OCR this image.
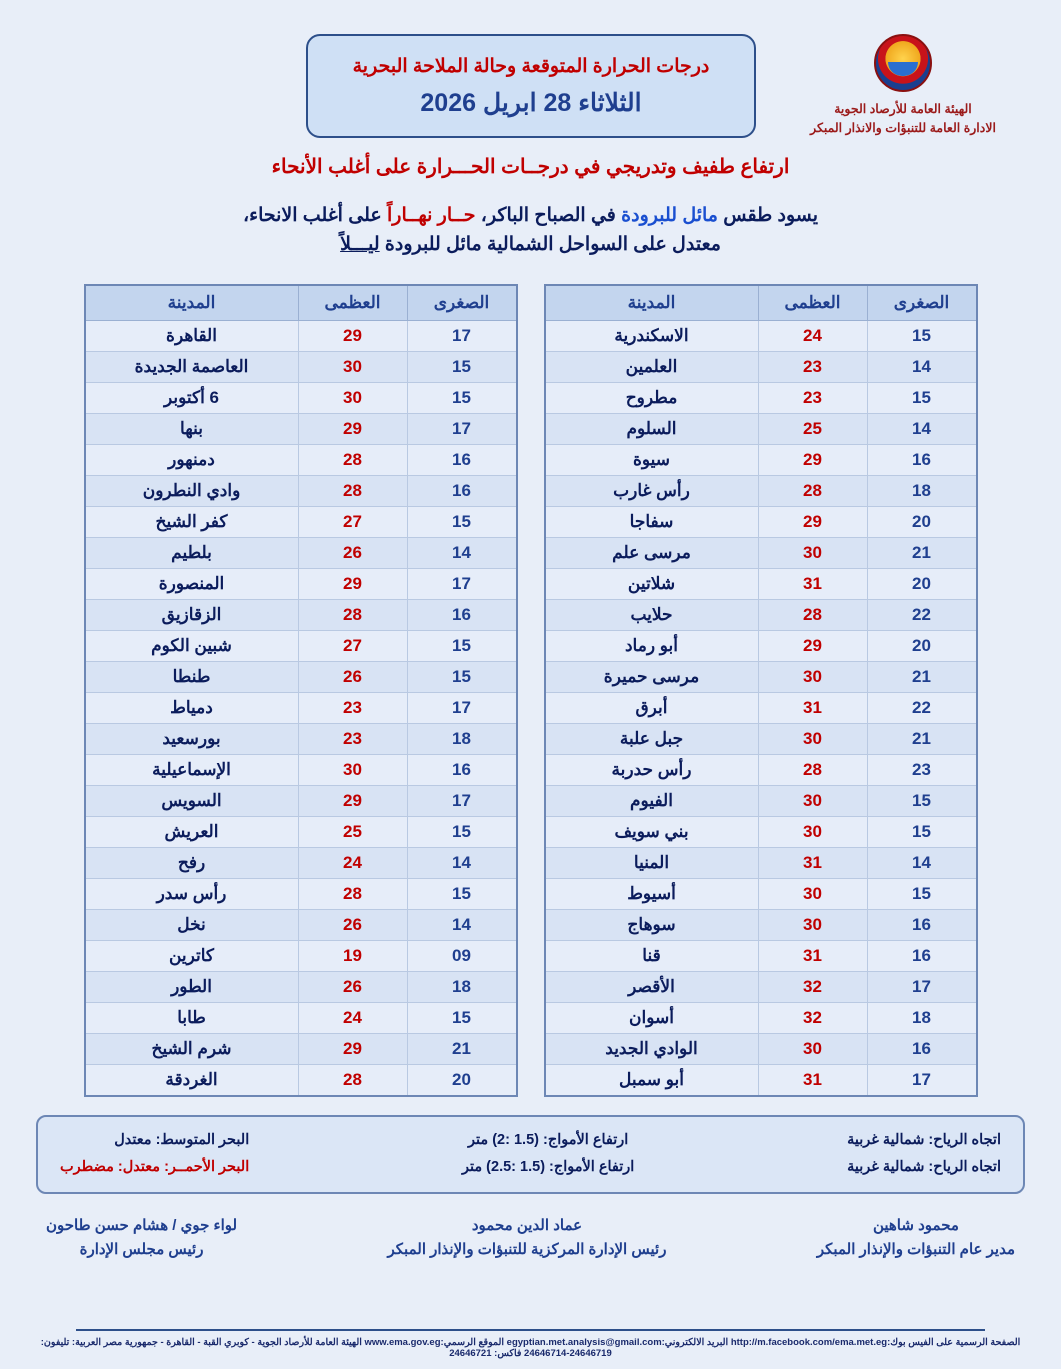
درجات الحرارة المتوقعة وحالة الملاحة البحرية
الثلاثاء 28 ابريل 2026	الهيئة العامة للأرصاد الجوية
الادارة العامة للتنبؤات والانذار المبكر
ارتفاع طفيف وتدريجي في درجــات الحـــرارة على أغلب الأنحاء
يسود طقس مائل للبرودة في الصباح الباكر، حــار نهــاراً على أغلب الانحاء،
معتدل على السواحل الشمالية مائل للبرودة ليـــلاً
الصغرى	العظمى	المدينة
15	24	الاسكندرية
14	23	العلمين
15	23	مطروح
14	25	السلوم
16	29	سيوة
18	28	رأس غارب
20	29	سفاجا
21	30	مرسى علم
20	31	شلاتين
22	28	حلايب
20	29	أبو رماد
21	30	مرسى حميرة
22	31	أبرق
21	30	جبل علبة
23	28	رأس حدربة
15	30	الفيوم
15	30	بني سويف
14	31	المنيا
15	30	أسيوط
16	30	سوهاج
16	31	قنا
17	32	الأقصر
18	32	أسوان
16	30	الوادي الجديد
17	31	أبو سمبل
الصغرى	العظمى	المدينة
17	29	القاهرة
15	30	العاصمة الجديدة
15	30	6 أكتوبر
17	29	بنها
16	28	دمنهور
16	28	وادي النطرون
15	27	كفر الشيخ
14	26	بلطيم
17	29	المنصورة
16	28	الزقازيق
15	27	شبين الكوم
15	26	طنطا
17	23	دمياط
18	23	بورسعيد
16	30	الإسماعيلية
17	29	السويس
15	25	العريش
14	24	رفح
15	28	رأس سدر
14	26	نخل
09	19	كاترين
18	26	الطور
15	24	طابا
21	29	شرم الشيخ
20	28	الغردقة
اتجاه الرياح: شمالية غربية
اتجاه الرياح: شمالية غربية
ارتفاع الأمواج: (1.5 :2) متر
ارتفاع الأمواج: (1.5 :2.5) متر
البحر المتوسط: معتدل
البحر الأحمــر: معتدل: مضطرب
محمود شاهين
مدير عام التنبؤات والإنذار المبكر
عماد الدين محمود
رئيس الإدارة المركزية للتنبؤات والإنذار المبكر
لواء جوي / هشام حسن طاحون
رئيس مجلس الإدارة
الصفحة الرسمية على الفيس بوك:http://m.facebook.com/ema.met.eg البريد الالكتروني:egyptian.met.analysis@gmail.com الموقع الرسمي:www.ema.gov.eg الهيئة العامة للأرصاد الجوية - كوبري القبة - القاهرة - جمهورية مصر العربية: تليفون: 24646719-24646714 فاكس: 24646721
